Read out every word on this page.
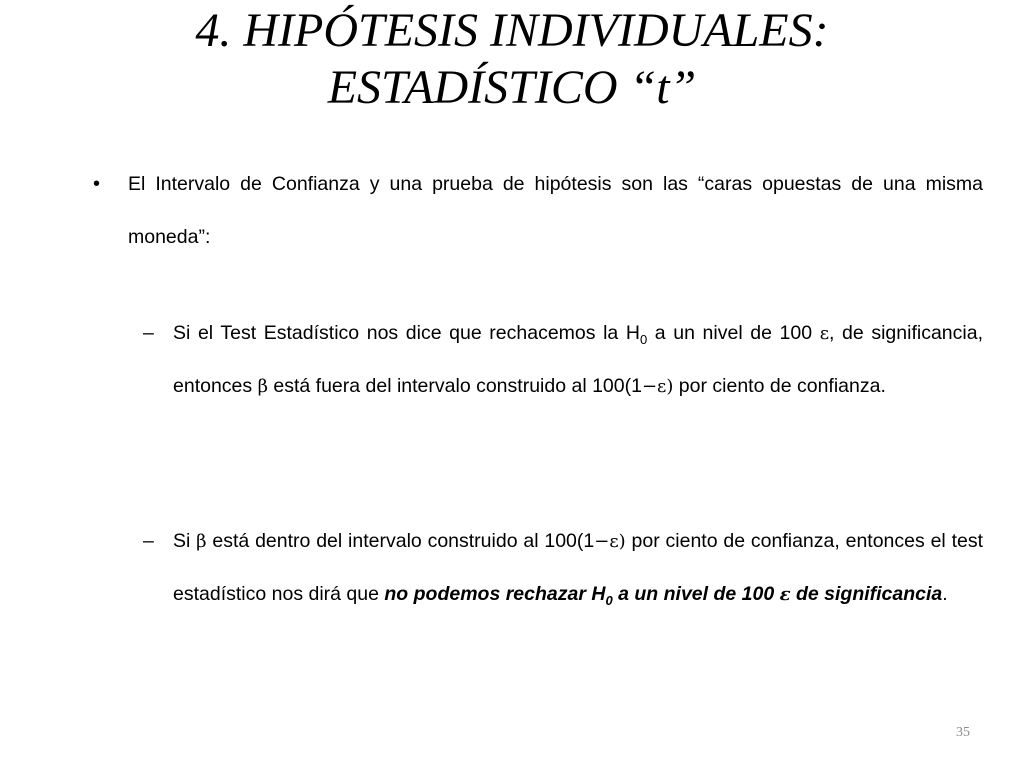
4. HIPÓTESIS INDIVIDUALES:
ESTADÍSTICO “t”
• El Intervalo de Confianza y una prueba de hipótesis son las “caras opuestas de una misma moneda”:
– Si el Test Estadístico nos dice que rechacemos la $H_0$ a un nivel de 100 ε, de significancia, entonces β está fuera del intervalo construido al 100(1−ε) por ciento de confianza.
– Si β está dentro del intervalo construido al 100(1−ε) por ciento de confianza, entonces el test estadístico nos dirá que no podemos rechazar $H_0$ a un nivel de 100 ε de significancia.
35
